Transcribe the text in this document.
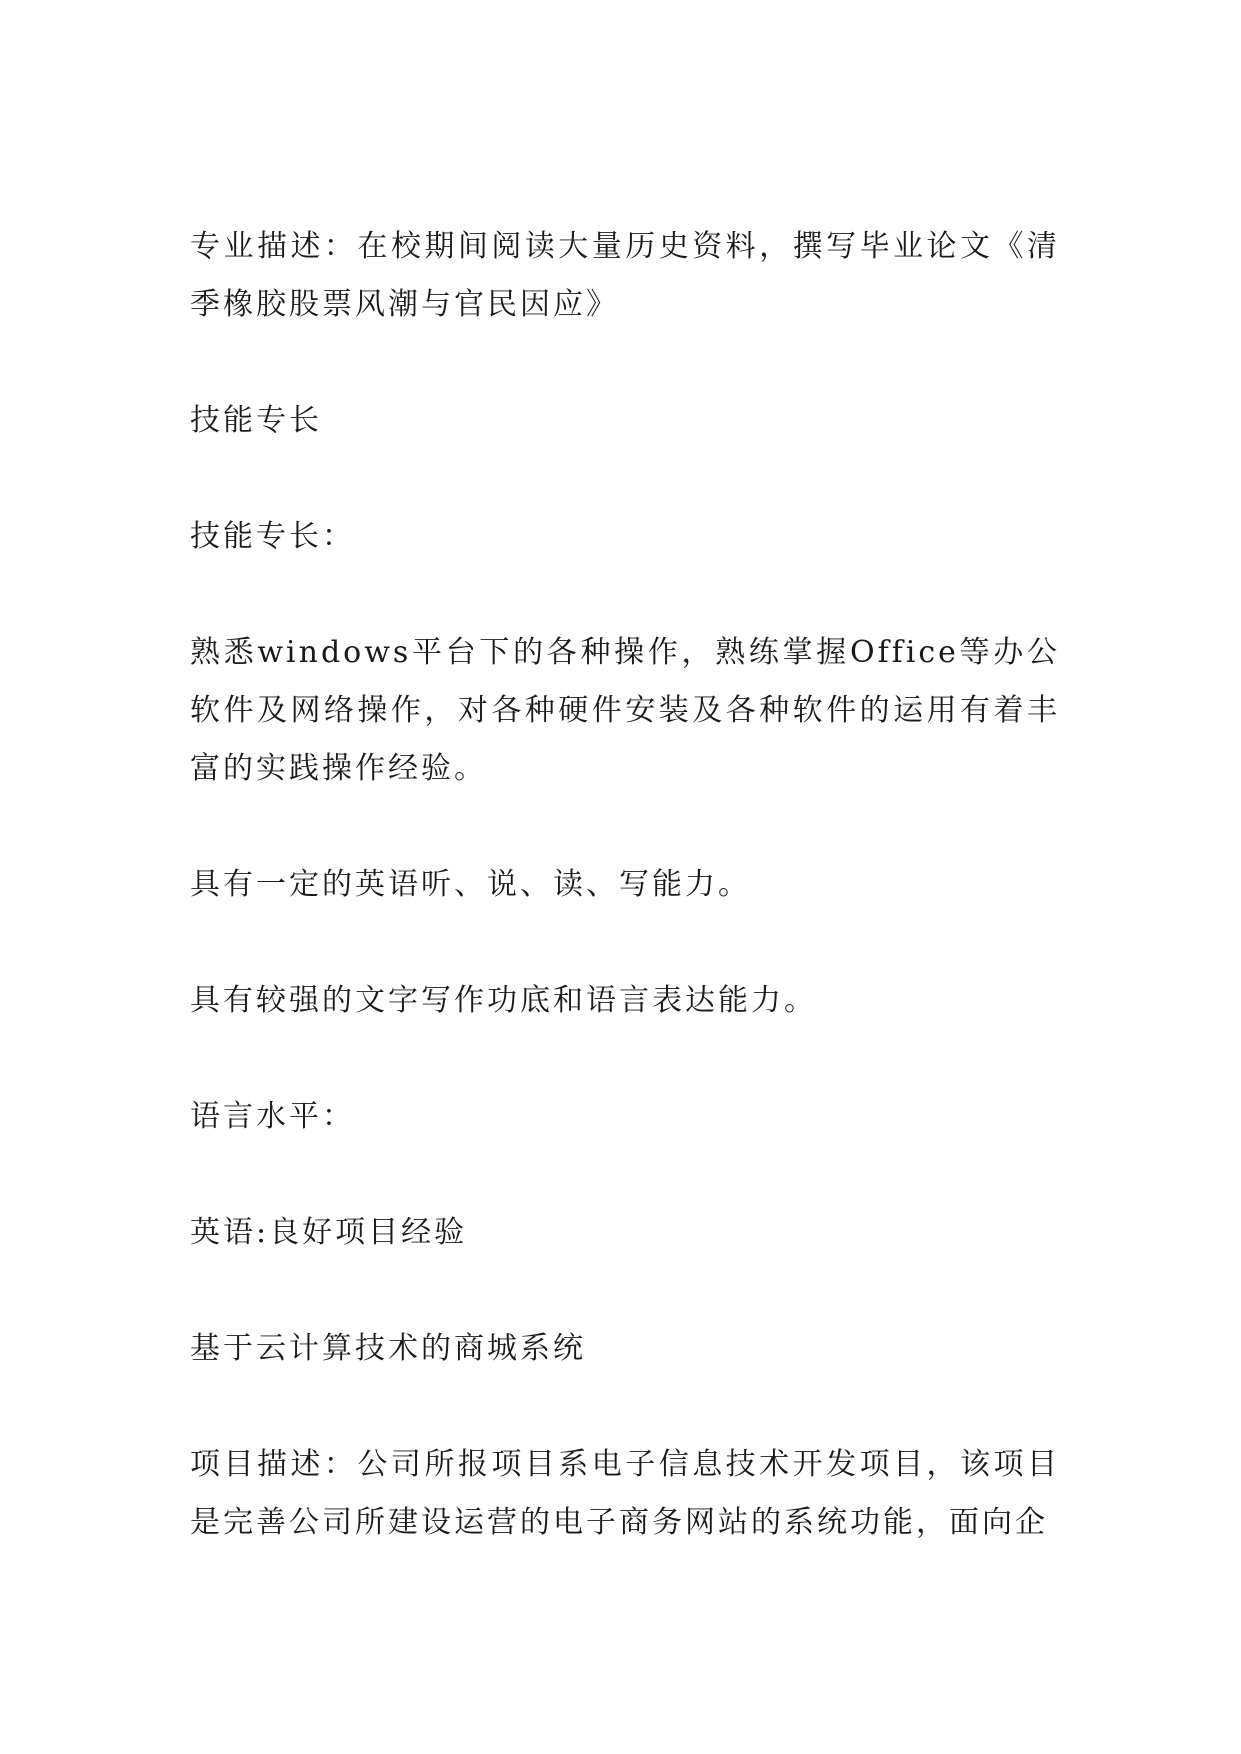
专业描述：在校期间阅读大量历史资料，撰写毕业论文《清季橡胶股票风潮与官民因应》

技能专长

技能专长：

熟悉windows平台下的各种操作，熟练掌握Office等办公软件及网络操作，对各种硬件安装及各种软件的运用有着丰富的实践操作经验。

具有一定的英语听、说、读、写能力。

具有较强的文字写作功底和语言表达能力。

语言水平：

英语:良好项目经验

基于云计算技术的商城系统

项目描述：公司所报项目系电子信息技术开发项目，该项目是完善公司所建设运营的电子商务网站的系统功能，面向企
